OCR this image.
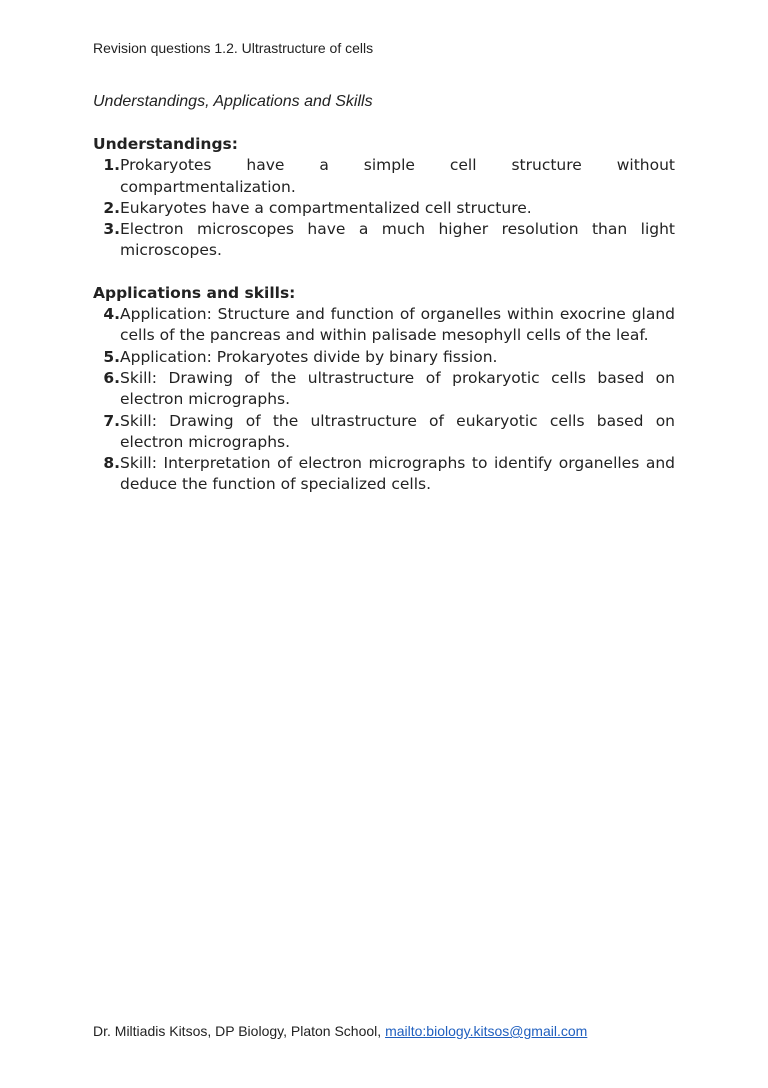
Revision questions 1.2. Ultrastructure of cells
Understandings, Applications and Skills
Understandings:
1. Prokaryotes have a simple cell structure without compartmentalization.
2. Eukaryotes have a compartmentalized cell structure.
3. Electron microscopes have a much higher resolution than light microscopes.
Applications and skills:
4. Application: Structure and function of organelles within exocrine gland cells of the pancreas and within palisade mesophyll cells of the leaf.
5. Application: Prokaryotes divide by binary fission.
6. Skill: Drawing of the ultrastructure of prokaryotic cells based on electron micrographs.
7. Skill: Drawing of the ultrastructure of eukaryotic cells based on electron micrographs.
8. Skill: Interpretation of electron micrographs to identify organelles and deduce the function of specialized cells.
Dr. Miltiadis Kitsos, DP Biology, Platon School, mailto:biology.kitsos@gmail.com
